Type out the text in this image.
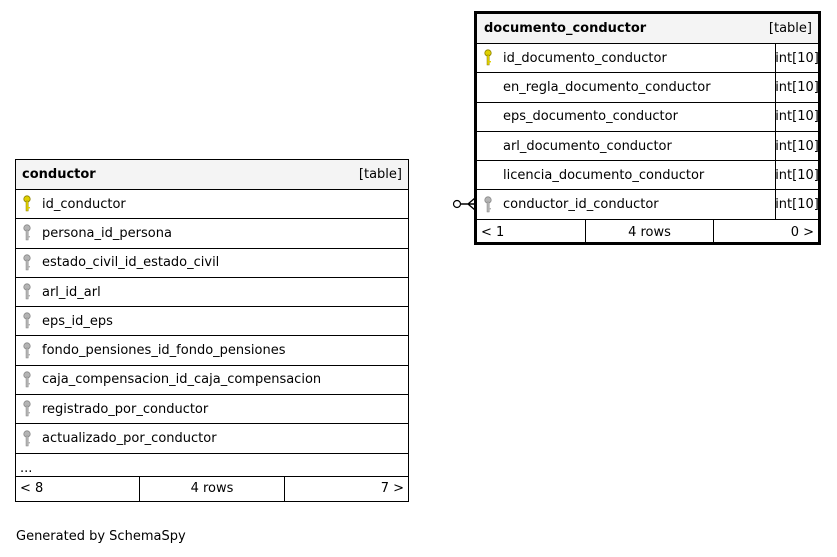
conductor	[table]
id_conductor
persona_id_persona
estado_civil_id_estado_civil
arl_id_arl
eps_id_eps
fondo_pensiones_id_fondo_pensiones
caja_compensacion_id_caja_compensacion
registrado_por_conductor
actualizado_por_conductor
...
< 8	4 rows	7 >
documento_conductor	[table]
id_documento_conductor	int[10]
en_regla_documento_conductor	int[10]
eps_documento_conductor	int[10]
arl_documento_conductor	int[10]
licencia_documento_conductor	int[10]
conductor_id_conductor	int[10]
< 1	4 rows	0 >
Generated by SchemaSpy
